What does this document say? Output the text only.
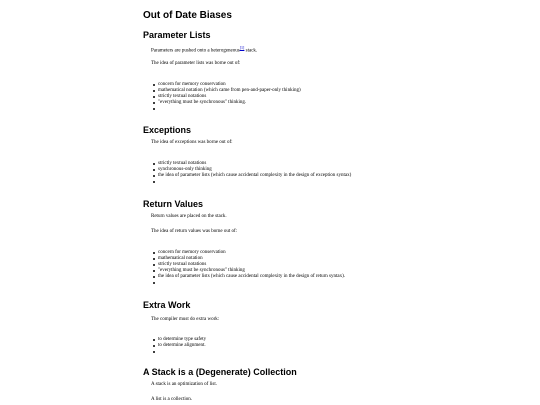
Out of Date Biases
Parameter Lists

Parameters are pushed onto a heterogeneous[1] stack.

The idea of parameter lists was borne out of:

concern for memory conservation
mathematical notation (which came from pen-and-paper-only thinking)
strictly textual notations
"everything must be synchronous" thinking.
Exceptions

The idea of exceptions was borne out of:

strictly textual notations
synchronous-only thinking
the idea of parameter lists (which cause accidental complexity in the design of exception syntax)
Return Values

Return values are placed on the stack.

The idea of return values was borne out of:

concern for memory conservation
mathematical notation
strictly textual notations
"everything must be synchronous" thinking
the idea of parameter lists (which cause accidental complexity in the design of return syntax).
Extra Work

The compiler must do extra work:

to determine type safety
to determine alignment.
A Stack is a (Degenerate) Collection

A stack is an optimization of list.

A list is a collection.
